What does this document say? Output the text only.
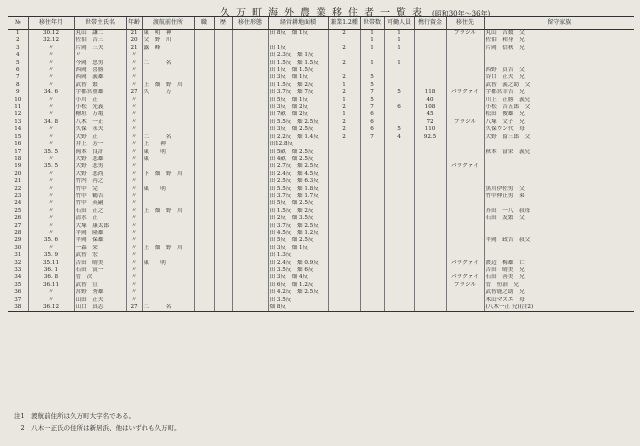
久万町海外農業移住者一覧表 (昭和30年〜36年)
№	移住年月	世帯主氏名	年齢	渡航前住所	職	歴	移住形態	経営耕地面積	兼業1.2種	世帯数	可働人員	携行資金	移住先	留守家族
1	30.12	丸山　謙二	21	東　明　神				田 8反　畑 1反	2	1	1		ブラジル	丸山　吉数　父
2	32.12	佐伯　吉三	20	父　野　川						1	1			佐伯　和身　兄
3	〃	片岡　三夫	21	露　峰				田 1反	2	1	1			片岡　信秋　兄
4	〃	〃	〃					田 2.3反　畑 1反						
5	〃	今岡　忠男	〃	二　　　名				田 1.5反　畑 1.5反	2	1	1			
6	〃	西岡　喜勝	〃					田 1反　畑 1.5反						西野　貞吉　父
7	〃	西岡　義雄	〃					田 3反　畑 1反	2	5				谷口　正夫　兄
8	〃	武智　繁	〃	上　畑　野　川				田 1.5反　畑 2反	1	5				武智　義之助　父
9	34. 6	宇都宮重雄	27	久　　　万				田 3.7反　畑 7反	2	7	5	118	パラグァイ	宇都宮幸吉　兄
10	〃	小川　正	〃					田 5反　畑 1反	1	5		40		川上　正勝　義兄
11	〃	小松　光義	〃					田 3反　畑 2反	2	7	6	108		小松　吉五郎　父
12	〃	檜垣　万亀	〃					田 7畝　畑 2反	1	6		45		松田　俊雄　兄
13	34. 8	八木　一正	〃					田 5.5反　畑 2.5反	2	6		72	ブラジル	八塚　文子　兄
14	〃	久保　永夫	〃					田 3反　畑 2.5反	2	6	5	110		久保ウン代　母
15	〃	大野　正	〃	二　　　名				田 2.2反　畑 1.4反	2	7	4	92.5		大野　留三郎　父
16	〃	井上　芳一	〃	上　　神				田12.8反						
17	35. 5	岡本　良計	〃	東　　明				田 5畝　畑 2.5反						秋本　富栄　義兄
18	〃	大野　悲雄	〃	東　　　				田 4畝　畑 2.5反						
19	35. 5	大野　悲男	〃					田 2.7反　畑 2.5反					パラグァイ	
20	〃	大野　悲尚	〃	下　畑　野　川				田 2.4反　畑 4.5反						
21	〃	竹内　丙之	〃					田 2.5反　畑 6.3反						
22	〃	竹中　完	〃	東　　明				田 5.5反　畑 1.8反						黒川伊佐男　父
23	〃	竹中　鶴吉	〃					田 3.7反　畑 1.7反						竹中伸止男　弟
24	〃	竹中　英嗣	〃					田 5反　畑 2.5反						
25	〃	石田　正之	〃	上　畑　野　川				田 1.5反　畑 2反						芥田　一八　叔母
26	〃	清水　正	〃					田 2反　畑 3.5反						石田　友繁　父
27	〃	大塚　康太郎	〃					田 3.7反　畑 2.5反						
28	〃	平岡　隆雄	〃					田 4.5反　畑 1.2反						
29	35. 6	平岡　保雄	〃					田 5反　畑 2.5反						平岡　政吉　叔父
30	〃	一森　栄	〃	上　畑　野　川				田 3反　畑 1反						
31	35. 9	武智　宏	〃					田 1.3反						
32	35.11	吉田　晴美	〃	東　　明				田 2.4反　畑 0.9反					パラグァイ	渡辺　梅雄　亡
33	36. 1	石田　寅一	〃					田 3.5反　畑 6反						吉田　晴美　兄
34	36. 8	菅　次	〃					田 3反　畑 4反					パラグァイ	石田　善美　兄
35	36.11	武智　宣	〃					田 6反　畑 1.2反					ブラジル	菅　恒治　兄
36	〃	宮野　秀雄	〃					田 4.2反　畑 2.5反						武智鹿之助　兄
37	〃	山田　正夫	〃					田 3.5反						木山マスエ　母
38	36.12	山口　真志	27	二　　　名				畑 8反						(八木一正 兄)(注2)
注1　渡航前住所は久万町大字名である。
　2　八木一正氏の住所は新居浜、他はいずれも久万町。
